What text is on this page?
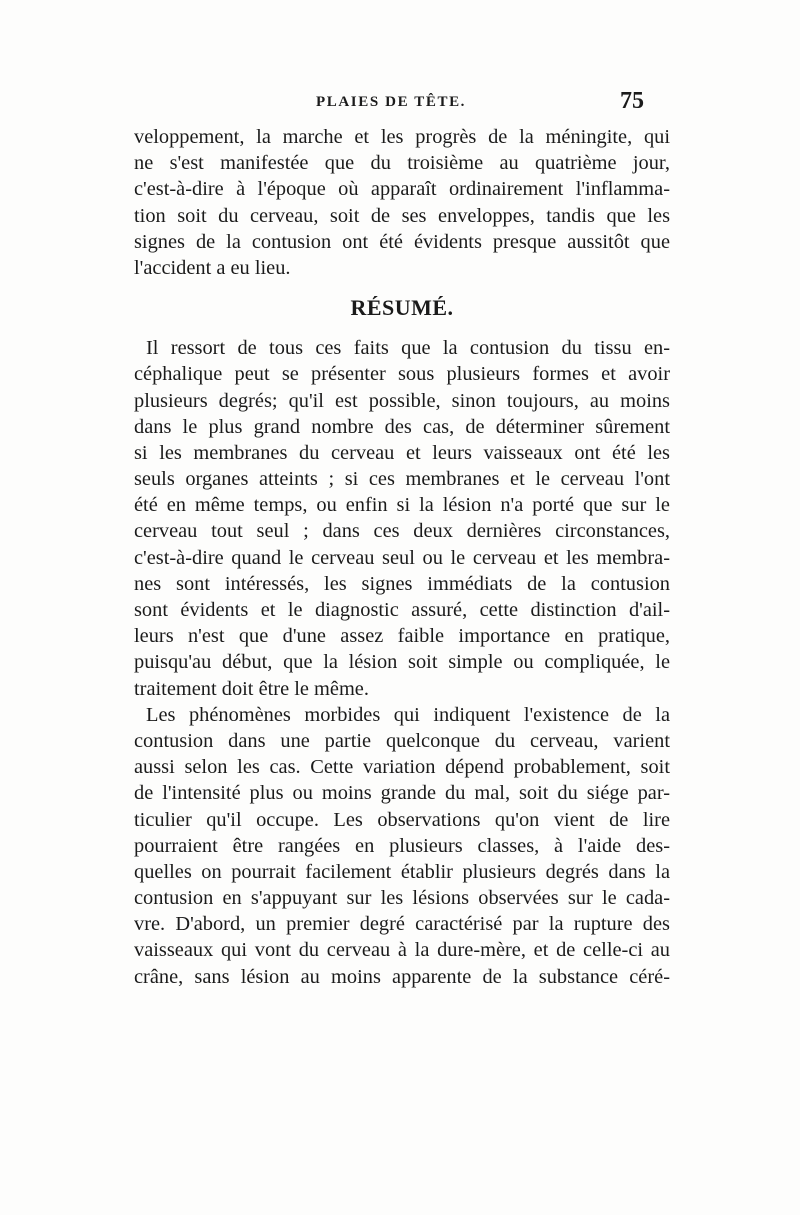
PLAIES DE TÊTE.	75
veloppement, la marche et les progrès de la méningite, qui
ne s'est manifestée que du troisième au quatrième jour,
c'est-à-dire à l'époque où apparaît ordinairement l'inflamma-
tion soit du cerveau, soit de ses enveloppes, tandis que les
signes de la contusion ont été évidents presque aussitôt que
l'accident a eu lieu.
RÉSUMÉ.
Il ressort de tous ces faits que la contusion du tissu en-
céphalique peut se présenter sous plusieurs formes et avoir
plusieurs degrés; qu'il est possible, sinon toujours, au moins
dans le plus grand nombre des cas, de déterminer sûrement
si les membranes du cerveau et leurs vaisseaux ont été les
seuls organes atteints ; si ces membranes et le cerveau l'ont
été en même temps, ou enfin si la lésion n'a porté que sur le
cerveau tout seul ; dans ces deux dernières circonstances,
c'est-à-dire quand le cerveau seul ou le cerveau et les membra-
nes sont intéressés, les signes immédiats de la contusion
sont évidents et le diagnostic assuré, cette distinction d'ail-
leurs n'est que d'une assez faible importance en pratique,
puisqu'au début, que la lésion soit simple ou compliquée, le
traitement doit être le même.
Les phénomènes morbides qui indiquent l'existence de la
contusion dans une partie quelconque du cerveau, varient
aussi selon les cas. Cette variation dépend probablement, soit
de l'intensité plus ou moins grande du mal, soit du siége par-
ticulier qu'il occupe. Les observations qu'on vient de lire
pourraient être rangées en plusieurs classes, à l'aide des-
quelles on pourrait facilement établir plusieurs degrés dans la
contusion en s'appuyant sur les lésions observées sur le cada-
vre. D'abord, un premier degré caractérisé par la rupture des
vaisseaux qui vont du cerveau à la dure-mère, et de celle-ci au
crâne, sans lésion au moins apparente de la substance céré-
